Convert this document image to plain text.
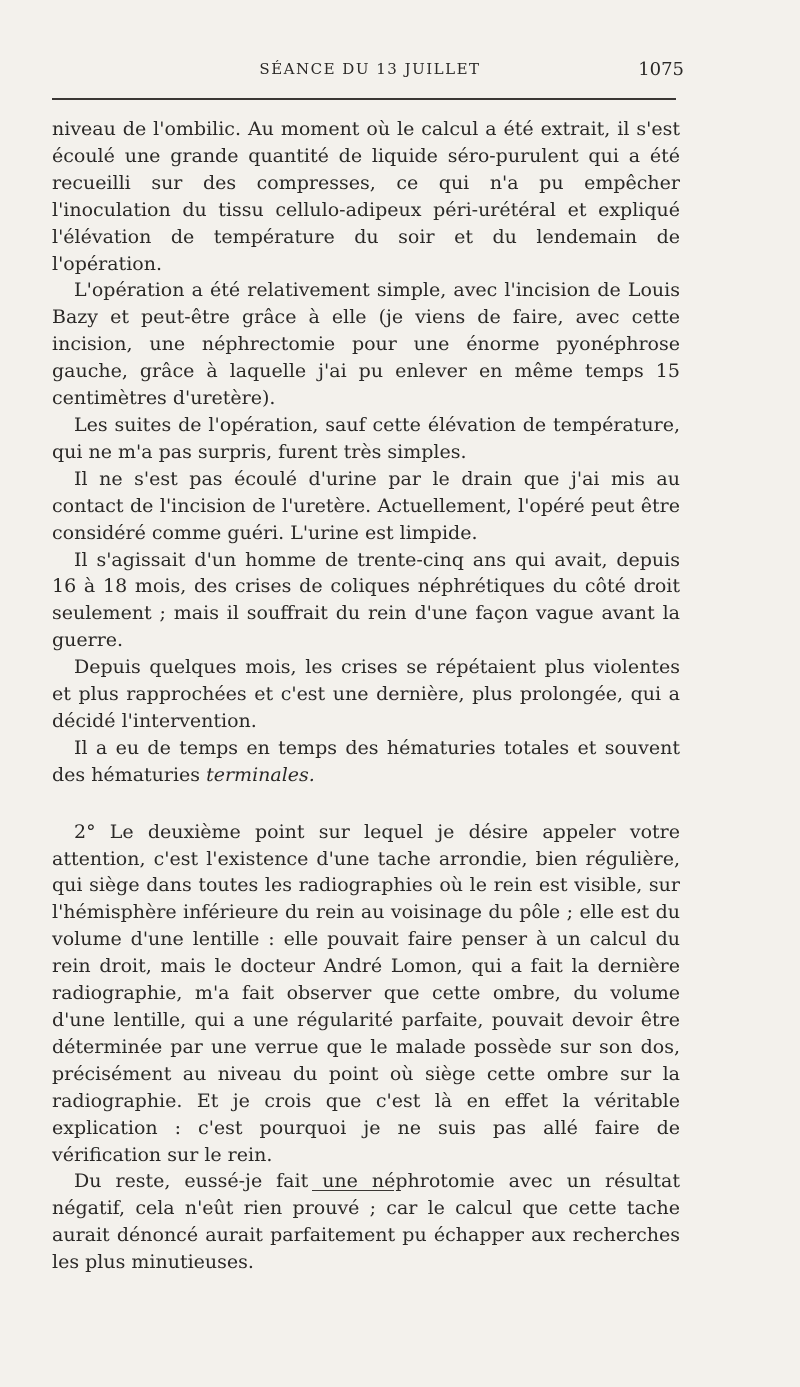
SÉANCE DU 13 JUILLET	1075

niveau de l'ombilic. Au moment où le calcul a été extrait, il s'est écoulé une grande quantité de liquide séro-purulent qui a été recueilli sur des compresses, ce qui n'a pu empêcher l'inoculation du tissu cellulo-adipeux péri-urétéral et expliqué l'élévation de température du soir et du lendemain de l'opération.

L'opération a été relativement simple, avec l'incision de Louis Bazy et peut-être grâce à elle (je viens de faire, avec cette incision, une néphrectomie pour une énorme pyonéphrose gauche, grâce à laquelle j'ai pu enlever en même temps 15 centimètres d'uretère).

Les suites de l'opération, sauf cette élévation de température, qui ne m'a pas surpris, furent très simples.

Il ne s'est pas écoulé d'urine par le drain que j'ai mis au contact de l'incision de l'uretère. Actuellement, l'opéré peut être considéré comme guéri. L'urine est limpide.

Il s'agissait d'un homme de trente-cinq ans qui avait, depuis 16 à 18 mois, des crises de coliques néphrétiques du côté droit seulement ; mais il souffrait du rein d'une façon vague avant la guerre.

Depuis quelques mois, les crises se répétaient plus violentes et plus rapprochées et c'est une dernière, plus prolongée, qui a décidé l'intervention.

Il a eu de temps en temps des hématuries totales et souvent des hématuries terminales.

2° Le deuxième point sur lequel je désire appeler votre attention, c'est l'existence d'une tache arrondie, bien régulière, qui siège dans toutes les radiographies où le rein est visible, sur l'hémisphère inférieure du rein au voisinage du pôle ; elle est du volume d'une lentille : elle pouvait faire penser à un calcul du rein droit, mais le docteur André Lomon, qui a fait la dernière radiographie, m'a fait observer que cette ombre, du volume d'une lentille, qui a une régularité parfaite, pouvait devoir être déterminée par une verrue que le malade possède sur son dos, précisément au niveau du point où siège cette ombre sur la radiographie. Et je crois que c'est là en effet la véritable explication : c'est pourquoi je ne suis pas allé faire de vérification sur le rein.

Du reste, eussé-je fait une néphrotomie avec un résultat négatif, cela n'eût rien prouvé ; car le calcul que cette tache aurait dénoncé aurait parfaitement pu échapper aux recherches les plus minutieuses.
